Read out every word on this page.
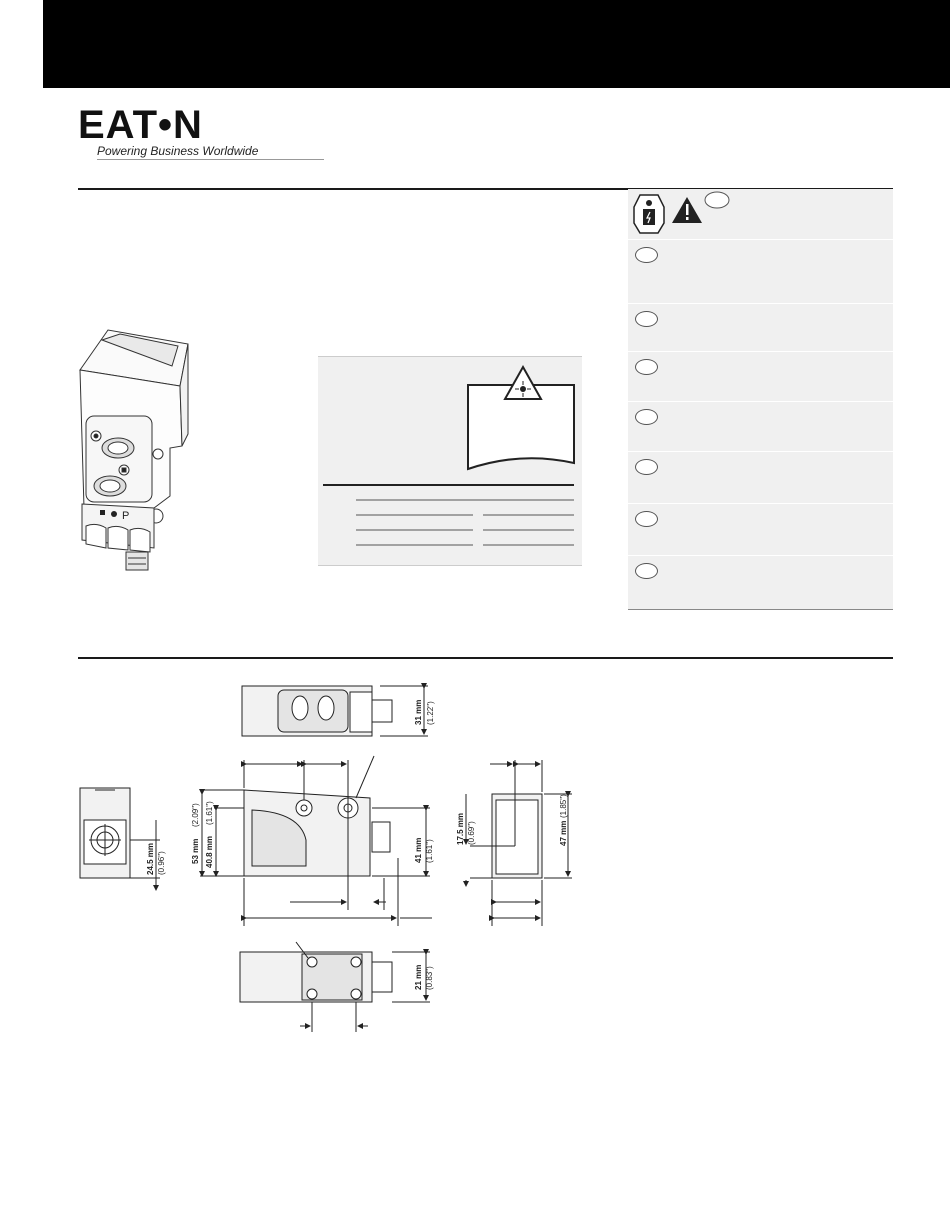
EAT•N
Powering Business Worldwide
P
31 mm (1.22")
24.5 mm (0.96")	53 mm
(2.09")
40.8 mm
(1.61")
41 mm (1.61")
17.5 mm (0.69")	47 mm
(1.85")
21 mm (0.83")
